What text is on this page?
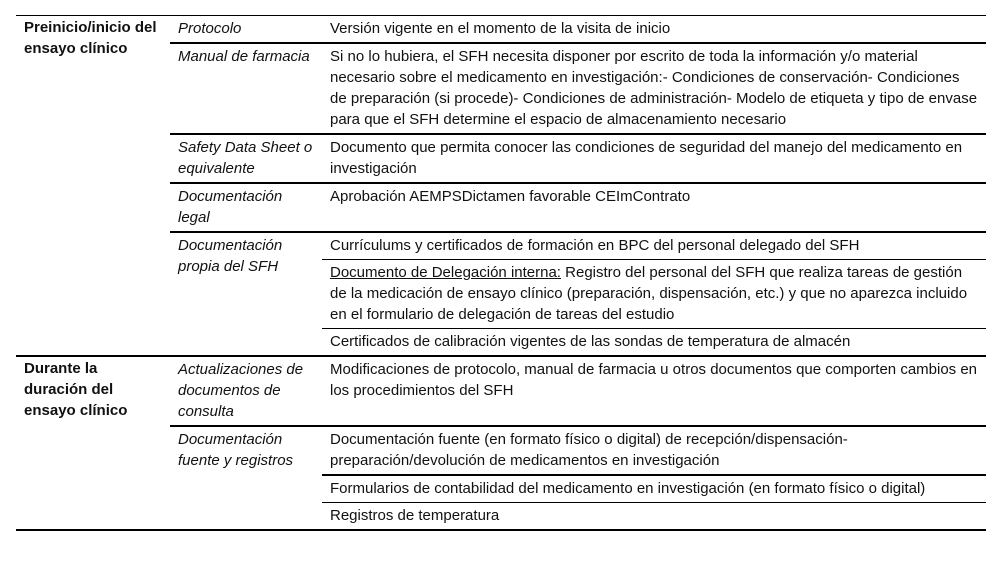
Preinicio/inicio del ensayo clínico	Protocolo	Versión vigente en el momento de la visita de inicio
	Manual de farmacia	Si no lo hubiera, el SFH necesita disponer por escrito de toda la información y/o material necesario sobre el medicamento en investigación:- Condiciones de conservación- Condiciones de preparación (si procede)- Condiciones de administración- Modelo de etiqueta y tipo de envase para que el SFH determine el espacio de almacenamiento necesario
	Safety Data Sheet o equivalente	Documento que permita conocer las condiciones de seguridad del manejo del medicamento en investigación
	Documentación legal	Aprobación AEMPSDictamen favorable CEImContrato
	Documentación propia del SFH	Currículums y certificados de formación en BPC del personal delegado del SFH
		Documento de Delegación interna: Registro del personal del SFH que realiza tareas de gestión de la medicación de ensayo clínico (preparación, dispensación, etc.) y que no aparezca incluido en el formulario de delegación de tareas del estudio
		Certificados de calibración vigentes de las sondas de temperatura de almacén
Durante la duración del ensayo clínico	Actualizaciones de documentos de consulta	Modificaciones de protocolo, manual de farmacia u otros documentos que comporten cambios en los procedimientos del SFH
	Documentación fuente y registros	Documentación fuente (en formato físico o digital) de recepción/dispensación-preparación/devolución de medicamentos en investigación
		Formularios de contabilidad del medicamento en investigación (en formato físico o digital)
		Registros de temperatura
